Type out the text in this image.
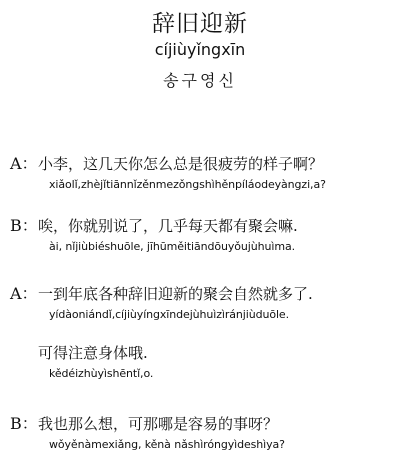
辞旧迎新
cíjiùyǐngxīn
송구영신
A： 小李，这几天你怎么总是很疲劳的样子啊？
xiǎolǐ,zhèjǐtiānnǐzěnmezǒngshìhěnpíláodeyàngzi,a?
B： 唉，你就别说了，几乎每天都有聚会嘛.
ài, nǐjiùbiéshuōle, jīhūměitiāndōuyǒujùhuìma.
A： 一到年底各种辞旧迎新的聚会自然就多了.
yídàoniándǐ,cíjiùyíngxīndejùhuìzìránjiùduōle.
可得注意身体哦.
kědéizhùyìshēntǐ,o.
B： 我也那么想，可那哪是容易的事呀？
wǒyěnàmexiǎng, kěnà nǎshìróngyìdeshìya?
